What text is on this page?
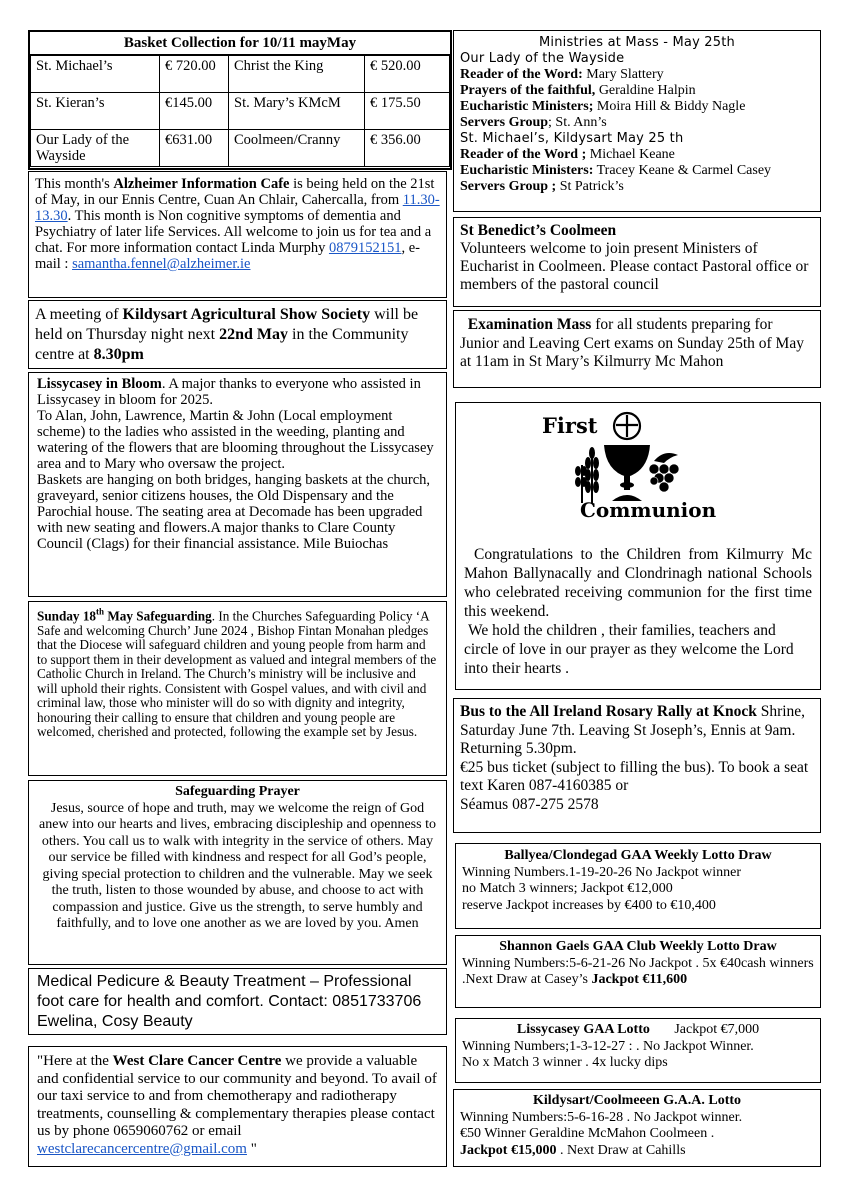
Basket Collection for 10/11 mayMay
St. Michael’s	€ 720.00	Christ the King	€ 520.00
St. Kieran’s	€145.00	St. Mary’s KMcM	€ 175.50
Our Lady of the Wayside	€631.00	Coolmeen/Cranny	€ 356.00
Ministries at Mass - May 25th
Our Lady of the Wayside

Reader of the Word: Mary Slattery

Prayers of the faithful, Geraldine Halpin

Eucharistic Ministers; Moira Hill & Biddy Nagle

Servers Group; St. Ann’s

St. Michael’s, Kildysart May 25 th

Reader of the Word ; Michael Keane

Eucharistic Ministers: Tracey Keane & Carmel Casey

Servers Group ; St Patrick’s

This month's Alzheimer Information Cafe is being held on the 21st of May, in our Ennis Centre, Cuan An Chlair, Cahercalla, from 11.30-13.30. This month is Non cognitive symptoms of dementia and Psychiatry of later life Services. All welcome to join us for tea and a chat. For more information contact Linda Murphy 0879152151, e-mail : samantha.fennel@alzheimer.ie

A meeting of Kildysart Agricultural Show Society will be held on Thursday night next 22nd May in the Community centre at 8.30pm

Lissycasey in Bloom. A major thanks to everyone who assisted in Lissycasey in bloom for 2025.

To Alan, John, Lawrence, Martin & John (Local employment scheme) to the ladies who assisted in the weeding, planting and watering of the flowers that are blooming throughout the Lissycasey area and to Mary who oversaw the project.

Baskets are hanging on both bridges, hanging baskets at the church, graveyard, senior citizens houses, the Old Dispensary and the Parochial house. The seating area at Decomade has been upgraded with new seating and flowers.A major thanks to Clare County Council (Clags) for their financial assistance. Mile Buiochas

Sunday 18th May Safeguarding. In the Churches Safeguarding Policy ‘A Safe and welcoming Church’ June 2024 , Bishop Fintan Monahan pledges that the Diocese will safeguard children and young people from harm and to support them in their development as valued and integral members of the Catholic Church in Ireland. The Church’s ministry will be inclusive and will uphold their rights. Consistent with Gospel values, and with civil and criminal law, those who minister will do so with dignity and integrity, honouring their calling to ensure that children and young people are welcomed, cherished and protected, following the example set by Jesus.

Safeguarding Prayer

Jesus, source of hope and truth, may we welcome the reign of God anew into our hearts and lives, embracing discipleship and openness to others. You call us to walk with integrity in the service of others. May our service be filled with kindness and respect for all God’s people, giving special protection to children and the vulnerable. May we seek the truth, listen to those wounded by abuse, and choose to act with compassion and justice. Give us the strength, to serve humbly and faithfully, and to love one another as we are loved by you. Amen

Medical Pedicure & Beauty Treatment – Professional foot care for health and comfort. Contact: 0851733706 Ewelina, Cosy Beauty

"Here at the West Clare Cancer Centre we provide a valuable and confidential service to our community and beyond. To avail of our taxi service to and from chemotherapy and radiotherapy treatments, counselling & complementary therapies please contact us by phone 0659060762 or email westclarecancercentre@gmail.com "

St Benedict’s Coolmeen

Volunteers welcome to join present Ministers of Eucharist in Coolmeen. Please contact Pastoral office or members of the pastoral council

Examination Mass for all students preparing for Junior and Leaving Cert exams on Sunday 25th of May at 11am in St Mary’s Kilmurry Mc Mahon

First
Communion

Congratulations to the Children from Kilmurry Mc Mahon Ballynacally and Clondrinagh national Schools who celebrated receiving communion for the first time this weekend.

We hold the children , their families, teachers and circle of love in our prayer as they welcome the Lord into their hearts .

Bus to the All Ireland Rosary Rally at Knock Shrine, Saturday June 7th. Leaving St Joseph’s, Ennis at 9am. Returning 5.30pm.

€25 bus ticket (subject to filling the bus). To book a seat text Karen 087-4160385 or

Séamus 087-275 2578

Ballyea/Clondegad GAA Weekly Lotto Draw

Winning Numbers.1-19-20-26 No Jackpot winner

no Match 3 winners; Jackpot €12,000

reserve Jackpot increases by €400 to €10,400

Shannon Gaels GAA Club Weekly Lotto Draw

Winning Numbers:5-6-21-26 No Jackpot . 5x €40cash winners .Next Draw at Casey’s Jackpot €11,600

Lissycasey GAA Lotto Jackpot €7,000

Winning Numbers;1-3-12-27 : . No Jackpot Winner.

No x Match 3 winner . 4x lucky dips

Kildysart/Coolmeeen G.A.A. Lotto

Winning Numbers:5-6-16-28 . No Jackpot winner.

€50 Winner Geraldine McMahon Coolmeen .

Jackpot €15,000 . Next Draw at Cahills
